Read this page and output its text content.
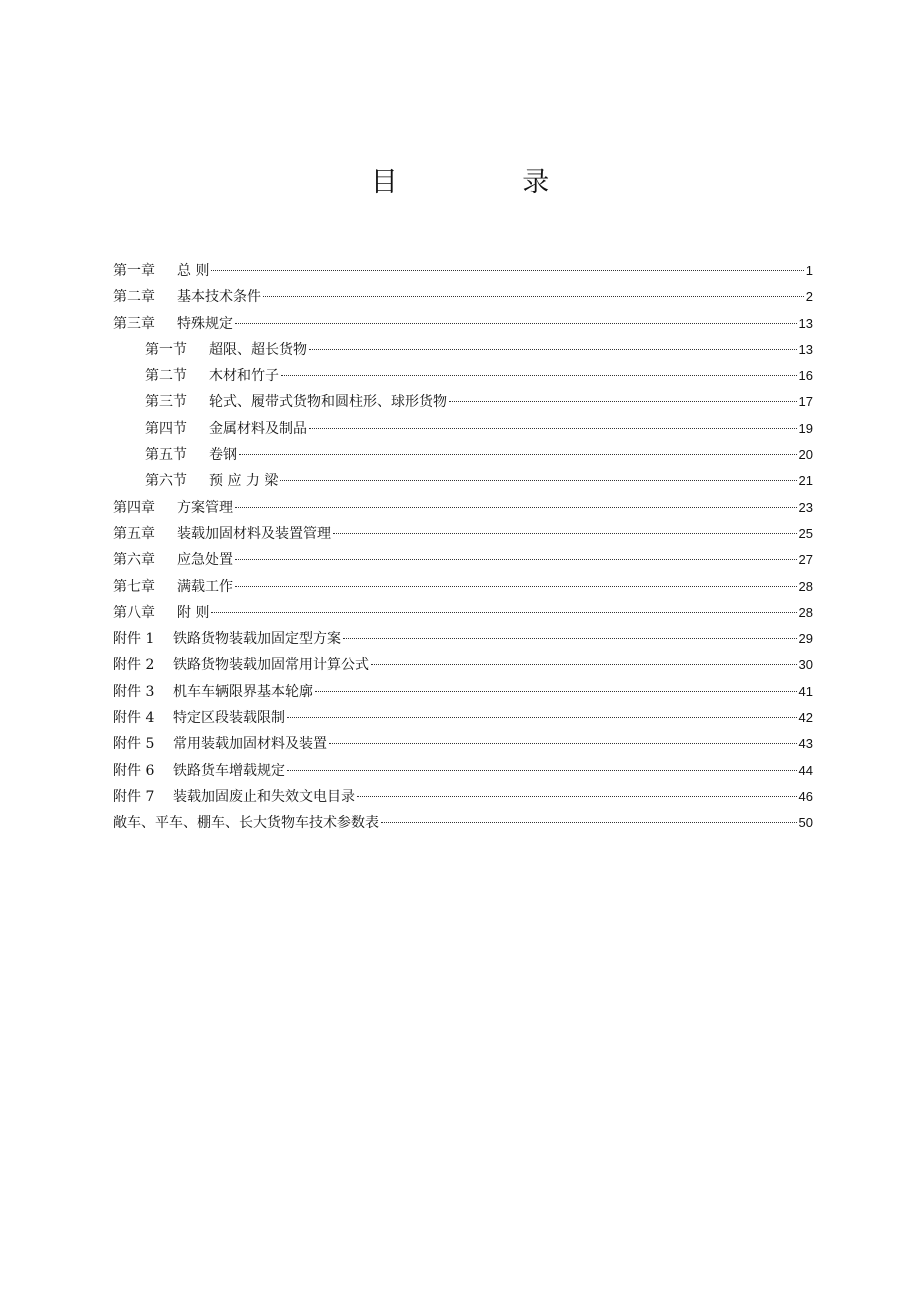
目 录
第一章 总 则	1
第二章 基本技术条件	2
第三章 特殊规定	13
第一节 超限、超长货物	13
第二节 木材和竹子	16
第三节 轮式、履带式货物和圆柱形、球形货物	17
第四节 金属材料及制品	19
第五节 卷钢	20
第六节 预 应 力 梁	21
第四章 方案管理	23
第五章 装载加固材料及装置管理	25
第六章 应急处置	27
第七章 满载工作	28
第八章 附 则	28
附件 1 铁路货物装载加固定型方案	29
附件 2 铁路货物装载加固常用计算公式	30
附件 3 机车车辆限界基本轮廓	41
附件 4 特定区段装载限制	42
附件 5 常用装载加固材料及装置	43
附件 6 铁路货车增载规定	44
附件 7 装载加固废止和失效文电目录	46
敞车、平车、棚车、长大货物车技术参数表	50
